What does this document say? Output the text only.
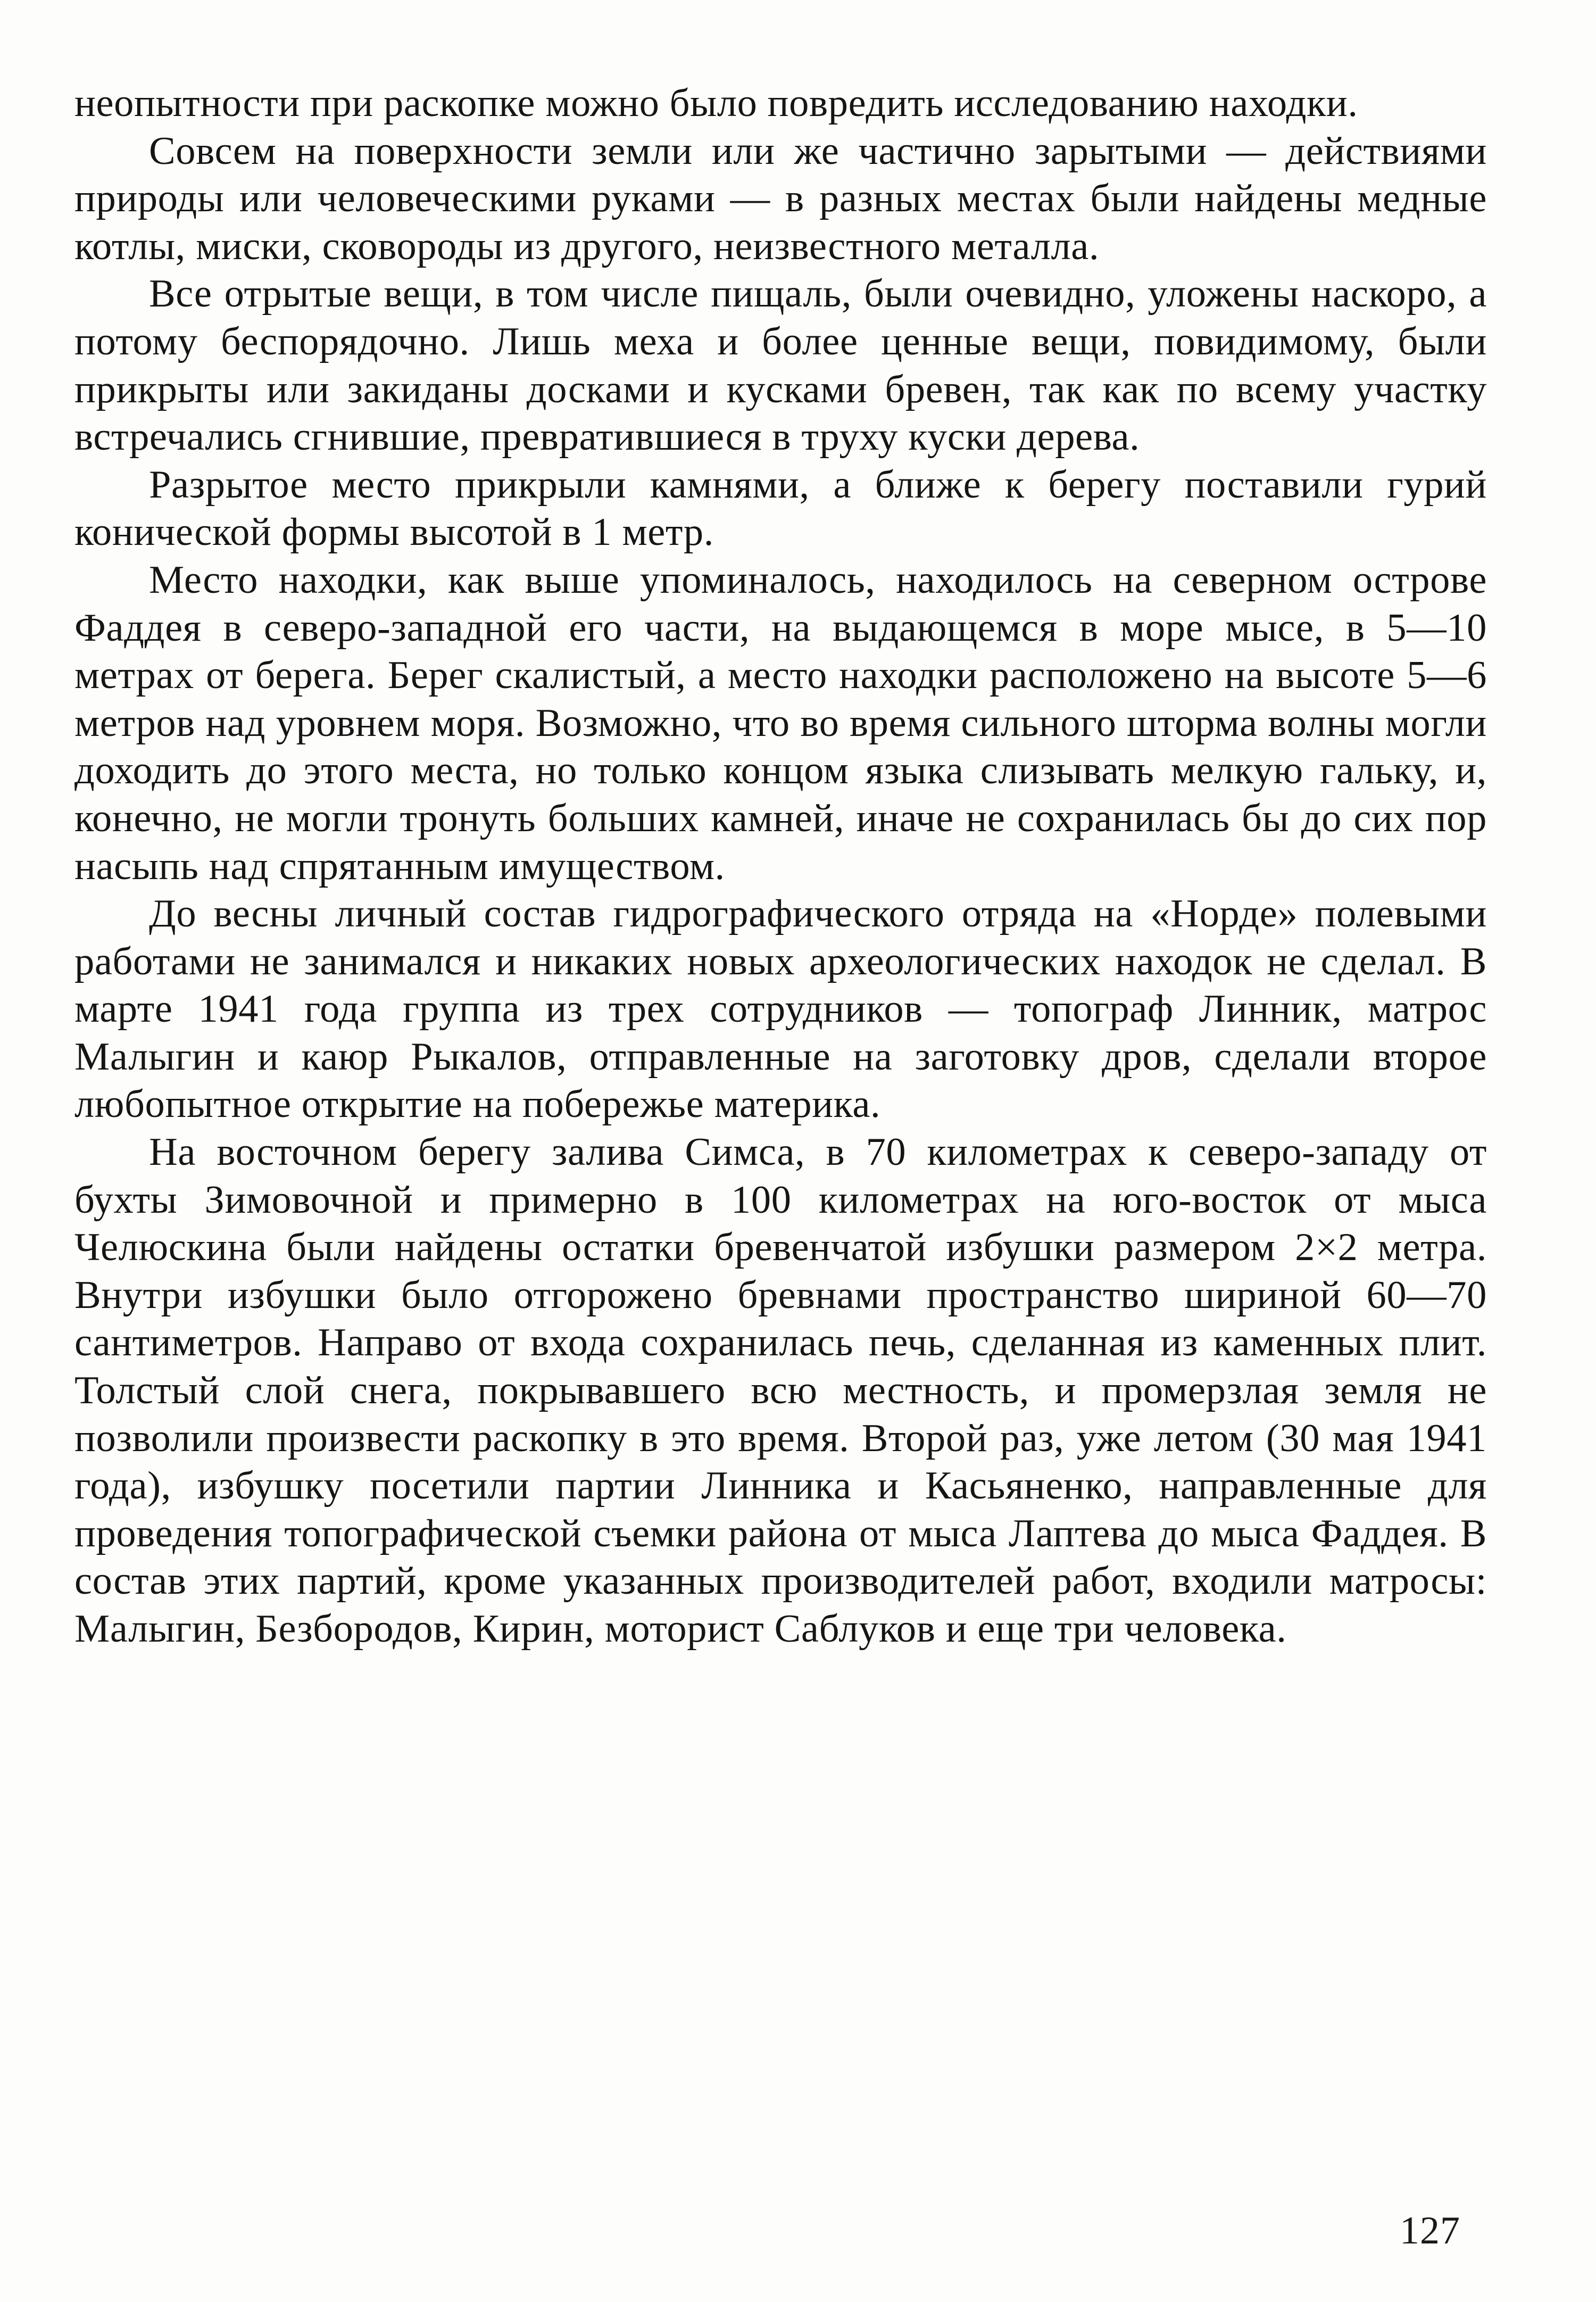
неопытности при раскопке можно было повредить исследованию находки.

Совсем на поверхности земли или же частично зарытыми — действиями природы или человеческими руками — в разных местах были найдены медные котлы, миски, сковороды из другого, неизвестного металла.

Все отрытые вещи, в том числе пищаль, были очевидно, уложены наскоро, а потому беспорядочно. Лишь меха и более ценные вещи, повидимому, были прикрыты или закиданы досками и кусками бревен, так как по всему участку встречались сгнившие, превратившиеся в труху куски дерева.

Разрытое место прикрыли камнями, а ближе к берегу поставили гурий конической формы высотой в 1 метр.

Место находки, как выше упоминалось, находилось на северном острове Фаддея в северо-западной его части, на выдающемся в море мысе, в 5—10 метрах от берега. Берег скалистый, а место находки расположено на высоте 5—6 метров над уровнем моря. Возможно, что во время сильного шторма волны могли доходить до этого места, но только концом языка слизывать мелкую гальку, и, конечно, не могли тронуть больших камней, иначе не сохранилась бы до сих пор насыпь над спрятанным имуществом.

До весны личный состав гидрографического отряда на «Норде» полевыми работами не занимался и никаких новых археологических находок не сделал. В марте 1941 года группа из трех сотрудников — топограф Линник, матрос Малыгин и каюр Рыкалов, отправленные на заготовку дров, сделали второе любопытное открытие на побережье материка.

На восточном берегу залива Симса, в 70 километрах к северо-западу от бухты Зимовочной и примерно в 100 километрах на юго-восток от мыса Челюскина были найдены остатки бревенчатой избушки размером 2×2 метра. Внутри избушки было отгорожено бревнами пространство шириной 60—70 сантиметров. Направо от входа сохранилась печь, сделанная из каменных плит. Толстый слой снега, покрывавшего всю местность, и промерзлая земля не позволили произвести раскопку в это время. Второй раз, уже летом (30 мая 1941 года), избушку посетили партии Линника и Касьяненко, направленные для проведения топографической съемки района от мыса Лаптева до мыса Фаддея. В состав этих партий, кроме указанных производителей работ, входили матросы: Малыгин, Безбородов, Кирин, моторист Саблуков и еще три человека.

127
